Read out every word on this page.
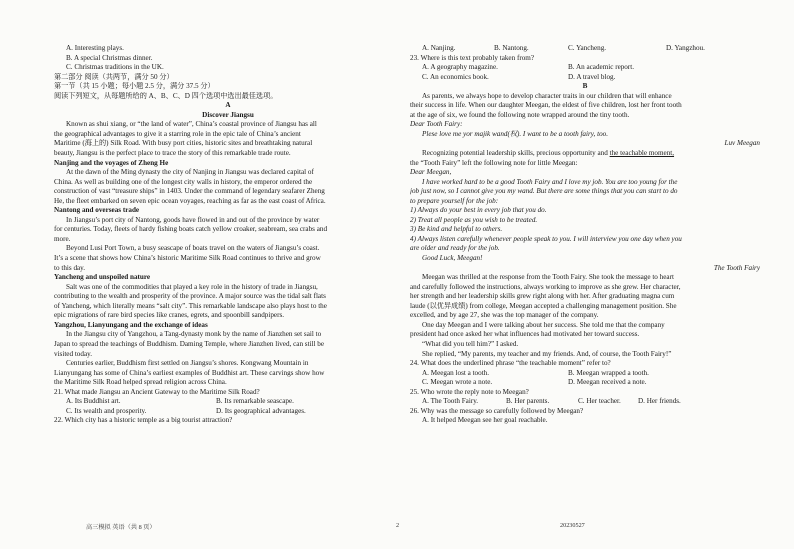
A. Interesting plays.
B. A special Christmas dinner.
C. Christmas traditions in the UK.
第二部分 阅读（共两节，满分 50 分）
第一节（共 15 小题；每小题 2.5 分，满分 37.5 分）
阅读下列短文，从每题所给的 A、B、C、D 四个选项中选出最佳选项。
A
Discover Jiangsu
Known as shui xiang, or “the land of water”, China’s coastal province of Jiangsu has all
the geographical advantages to give it a starring role in the epic tale of China’s ancient
Maritime (海上的) Silk Road. With busy port cities, historic sites and breathtaking natural
beauty, Jiangsu is the perfect place to trace the story of this remarkable trade route.
Nanjing and the voyages of Zheng He
At the dawn of the Ming dynasty the city of Nanjing in Jiangsu was declared capital of
China. As well as building one of the longest city walls in history, the emperor ordered the
construction of vast “treasure ships” in 1403. Under the command of legendary seafarer Zheng
He, the fleet embarked on seven epic ocean voyages, reaching as far as the east coast of Africa.
Nantong and overseas trade
In Jiangsu’s port city of Nantong, goods have flowed in and out of the province by water
for centuries. Today, fleets of hardy fishing boats catch yellow croaker, seabream, sea crabs and
more.
Beyond Lusi Port Town, a busy seascape of boats travel on the waters of Jiangsu’s coast.
It’s a scene that shows how China’s historic Maritime Silk Road continues to thrive and grow
to this day.
Yancheng and unspoiled nature
Salt was one of the commodities that played a key role in the history of trade in Jiangsu,
contributing to the wealth and prosperity of the province. A major source was the tidal salt flats
of Yancheng, which literally means “salt city”. This remarkable landscape also plays host to the
epic migrations of rare bird species like cranes, egrets, and spoonbill sandpipers.
Yangzhou, Lianyungang and the exchange of ideas
In the Jiangsu city of Yangzhou, a Tang-dynasty monk by the name of Jianzhen set sail to
Japan to spread the teachings of Buddhism. Daming Temple, where Jianzhen lived, can still be
visited today.
Centuries earlier, Buddhism first settled on Jiangsu’s shores. Kongwang Mountain in
Lianyungang has some of China’s earliest examples of Buddhist art. These carvings show how
the Maritime Silk Road helped spread religion across China.
21. What made Jiangsu an Ancient Gateway to the Maritime Silk Road?
A. Its Buddhist art.	B. Its remarkable seascape.
C. Its wealth and prosperity.	D. Its geographical advantages.
22. Which city has a historic temple as a big tourist attraction?
A. Nanjing.	B. Nantong.	C. Yancheng.	D. Yangzhou.
23. Where is this text probably taken from?
A. A geography magazine.	B. An academic report.
C. An economics book.	D. A travel blog.
B
As parents, we always hope to develop character traits in our children that will enhance
their success in life. When our daughter Meegan, the eldest of five children, lost her front tooth
at the age of six, we found the following note wrapped around the tiny tooth.
Dear Tooth Fairy:
Plese love me yor majik wand(权). I want to be a tooth fairy, too.
Luv Meegan
Recognizing potential leadership skills, precious opportunity and the teachable moment,
the “Tooth Fairy” left the following note for little Meegan:
Dear Meegan,
I have worked hard to be a good Tooth Fairy and I love my job. You are too young for the
job just now, so I cannot give you my wand. But there are some things that you can start to do
to prepare yourself for the job:
1) Always do your best in every job that you do.
2) Treat all people as you wish to be treated.
3) Be kind and helpful to others.
4) Always listen carefully whenever people speak to you. I will interview you one day when you
are older and ready for the job.
Good Luck, Meegan!
The Tooth Fairy
Meegan was thrilled at the response from the Tooth Fairy. She took the message to heart
and carefully followed the instructions, always working to improve as she grew. Her character,
her strength and her leadership skills grew right along with her. After graduating magna cum
laude (以优异成绩) from college, Meegan accepted a challenging management position. She
excelled, and by age 27, she was the top manager of the company.
One day Meegan and I were talking about her success. She told me that the company
president had once asked her what influences had motivated her toward success.
“What did you tell him?” I asked.
She replied, “My parents, my teacher and my friends. And, of course, the Tooth Fairy!”
24. What does the underlined phrase “the teachable moment” refer to?
A. Meegan lost a tooth.	B. Meegan wrapped a tooth.
C. Meegan wrote a note.	D. Meegan received a note.
25. Who wrote the reply note to Meegan?
A. The Tooth Fairy.	B. Her parents.	C. Her teacher.	D. Her friends.
26. Why was the message so carefully followed by Meegan?
A. It helped Meegan see her goal reachable.
高三模拟 英语（共 8 页）	2	20230527
